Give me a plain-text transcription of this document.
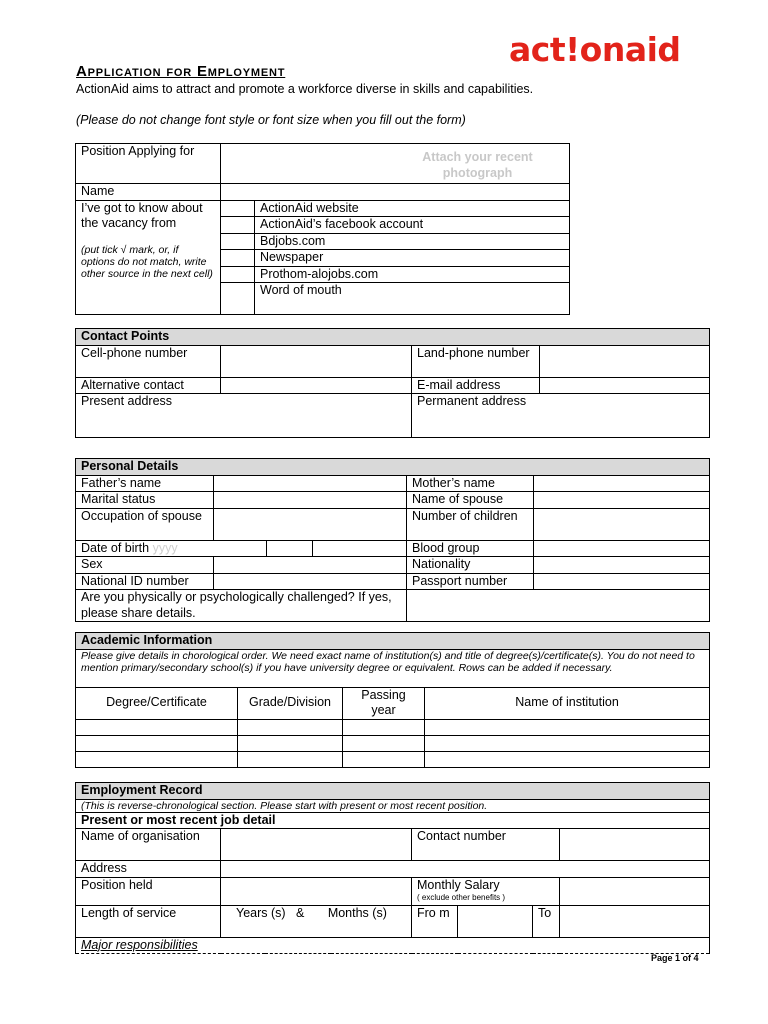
act!onaid
Application for Employment
ActionAid aims to attract and promote a workforce diverse in skills and capabilities.
(Please do not change font style or font size when you fill out the form)
Position Applying for	Attach your recent photograph	

Name		

I’ve got to know about the vacancy from
(put tick √ mark, or, if options do not match, write other source in the next cell)		ActionAid website
		ActionAid’s facebook account
		Bdjobs.com
		Newspaper
		Prothom-alojobs.com
		Word of mouth
Contact Points			
Cell-phone number		Land-phone number	
Alternative contact		E-mail address	
Present address		Permanent address	
Personal Details					
Father’s name				Mother’s name	
Marital status				Name of spouse	
Occupation of spouse				Number of children	
Date of birth yyyy				Blood group	
Sex				Nationality	
National ID number				Passport number	
Are you physically or psychologically challenged? If yes, please share details.					
Academic Information			
Please give details in chorological order. We need exact name of institution(s) and title of degree(s)/certificate(s). You do not need to mention primary/secondary school(s) if you have university degree or equivalent. Rows can be added if necessary.			
Degree/Certificate	Grade/Division	Passing year	Name of institution

Employment Record					
(This is reverse-chronological section. Please start with present or most recent position.					
Present or most recent job detail					
Name of organisation		Contact number			
Address					
Position held		Monthly Salary
( exclude other benefits )			

Length of service	Years (s) & Months (s)	Fro m		To	
Major responsibilities					
Page 1 of 4
